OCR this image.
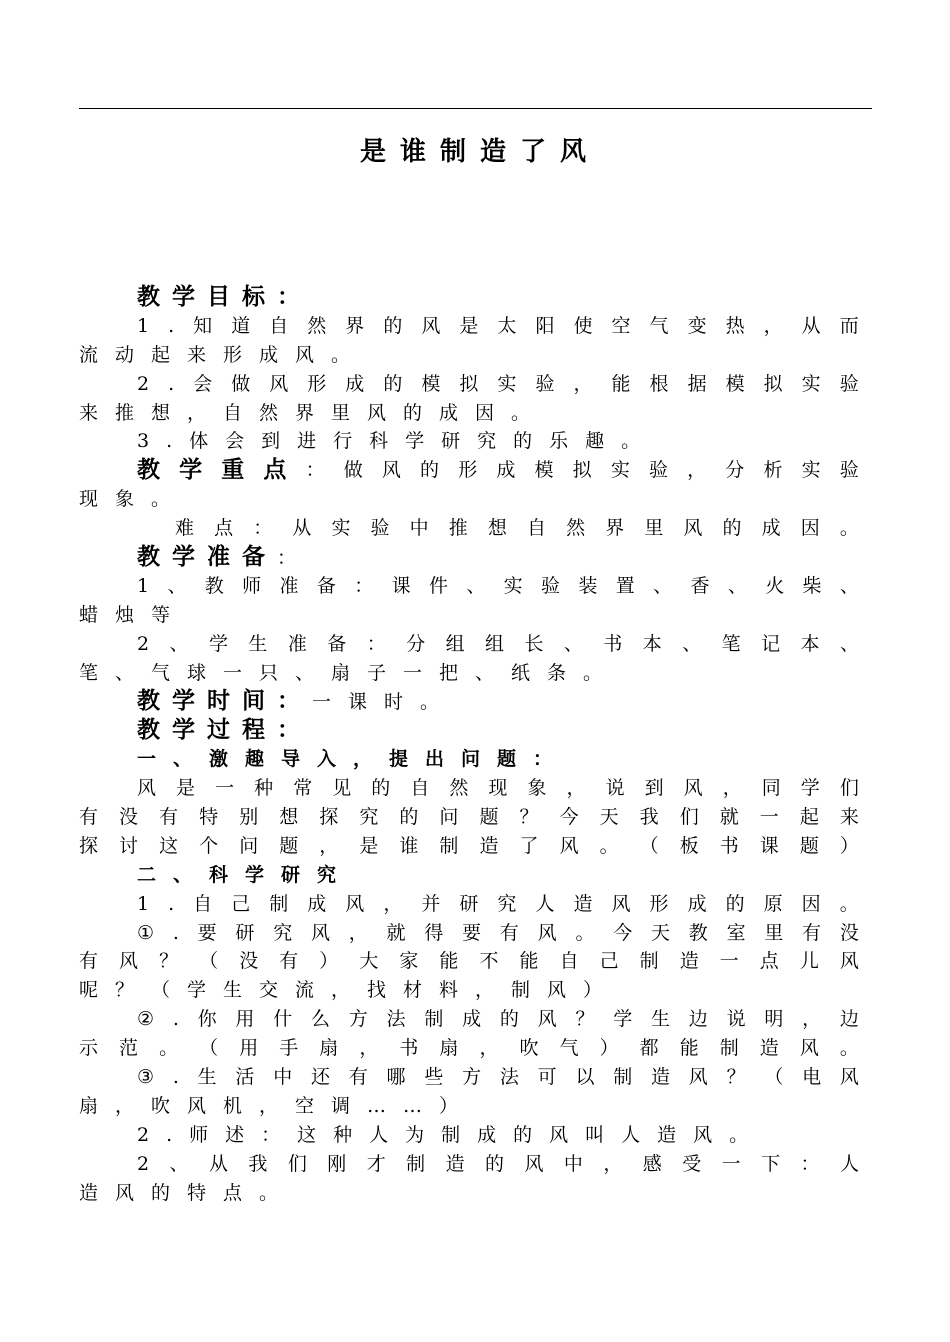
是谁制造了风
教学目标：
1 . 知 道 自 然 界 的 风 是 太 阳 使 空 气 变 热 ， 从 而
流动起来形成风。
2 . 会 做 风 形 成 的 模 拟 实 验 ， 能 根 据 模 拟 实 验
来推想，自然界里风的成因。
3.体会到进行科学研究的乐趣。
教 学 重 点 ： 做 风 的 形 成 模 拟 实 验 ， 分 析 实 验
现象。
难 点 ： 从 实 验 中 推 想 自 然 界 里 风 的 成 因 。
教学准备：
1 、 教 师 准 备 ： 课 件 、 实 验 装 置 、 香 、 火 柴 、
蜡烛等
2 、 学 生 准 备 ： 分 组 组 长 、 书 本 、 笔 记 本 、
笔、气球一只、扇子一把、纸条。
教学时间：一课时。
教学过程：
一、激趣导入，提出问题：
风 是 一 种 常 见 的 自 然 现 象 ， 说 到 风 ， 同 学 们
有 没 有 特 别 想 探 究 的 问 题 ？ 今 天 我 们 就 一 起 来
探 讨 这 个 问 题 ， 是 谁 制 造 了 风 。 （ 板 书 课 题 ）
二、科学研究
1 . 自 己 制 成 风 ， 并 研 究 人 造 风 形 成 的 原 因 。
① . 要 研 究 风 ， 就 得 要 有 风 。 今 天 教 室 里 有 没
有 风 ？ （ 没 有 ） 大 家 能 不 能 自 己 制 造 一 点 儿 风
呢？（学生交流，找材料，制风）
② . 你 用 什 么 方 法 制 成 的 风 ？ 学 生 边 说 明 ， 边
示 范 。 （ 用 手 扇 ， 书 扇 ， 吹 气 ） 都 能 制 造 风 。
③ . 生 活 中 还 有 哪 些 方 法 可 以 制 造 风 ？ （ 电 风
扇，吹风机，空调……）
2.师述：这种人为制成的风叫人造风。
2 、 从 我 们 刚 才 制 造 的 风 中 ， 感 受 一 下 ： 人
造风的特点。
